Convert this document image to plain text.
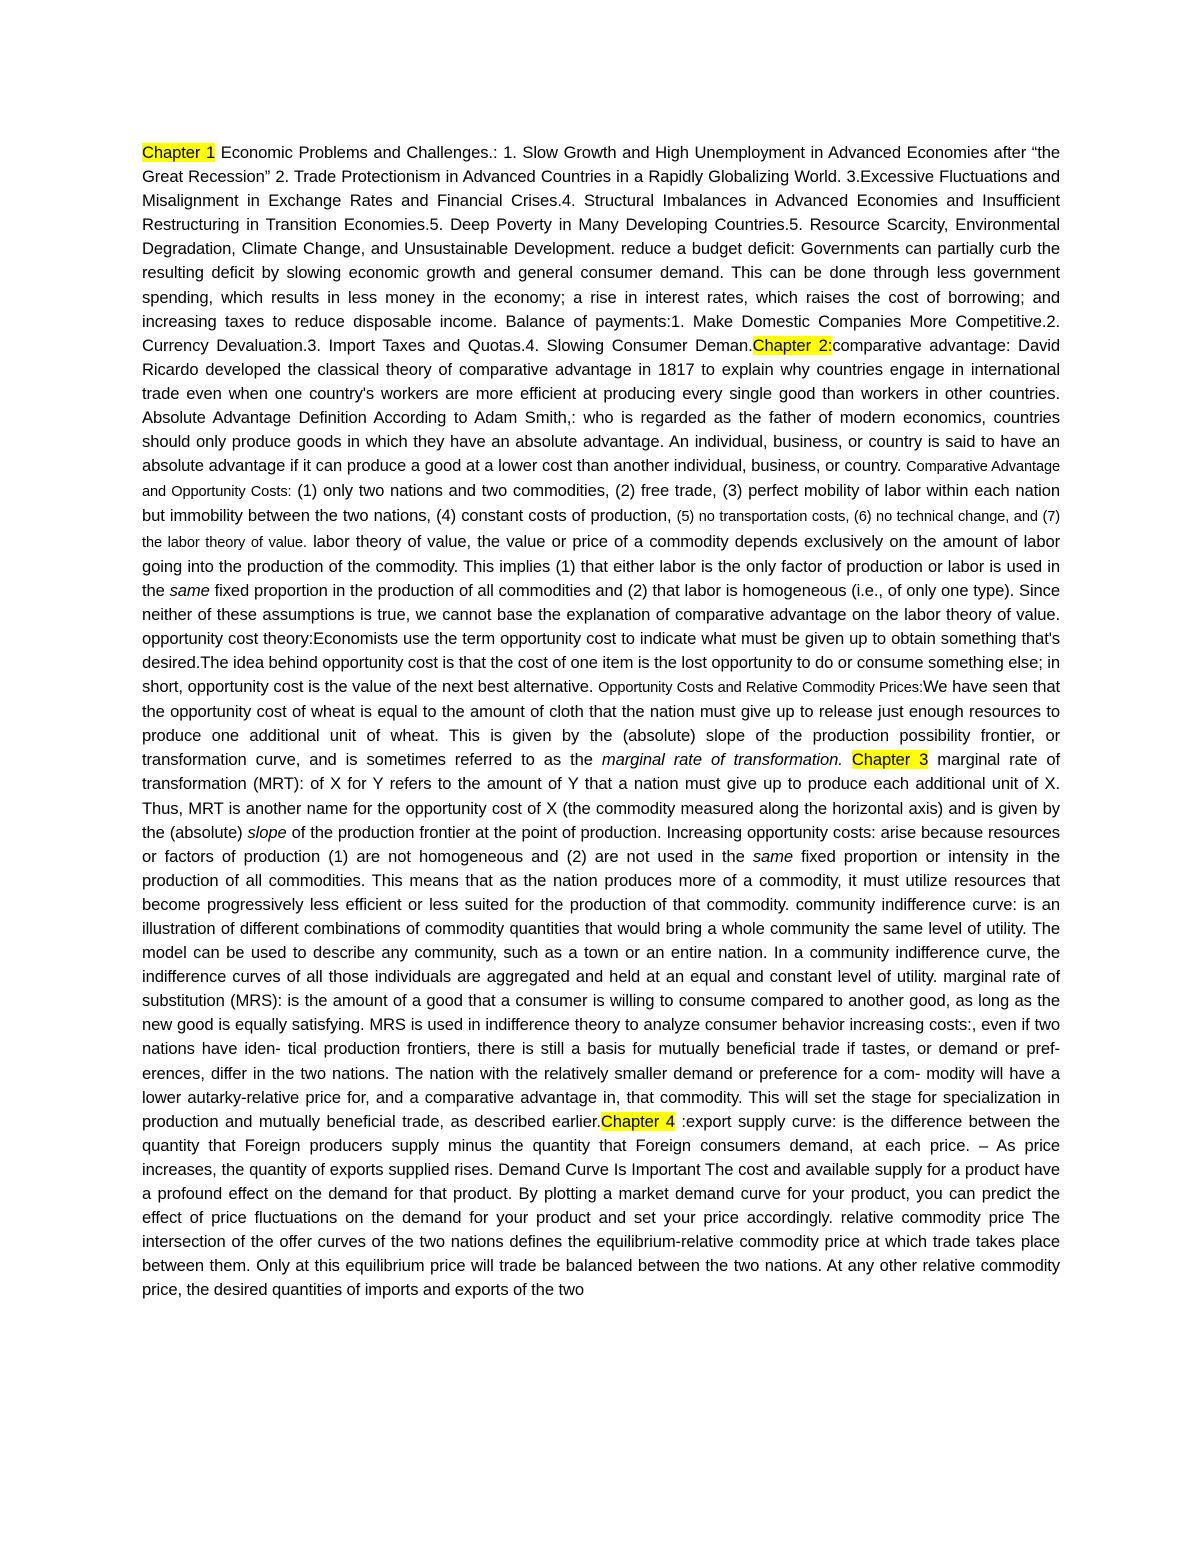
Chapter 1 Economic Problems and Challenges.: 1. Slow Growth and High Unemployment in Advanced Economies after “the Great Recession” 2. Trade Protectionism in Advanced Countries in a Rapidly Globalizing World. 3.Excessive Fluctuations and Misalignment in Exchange Rates and Financial Crises.4. Structural Imbalances in Advanced Economies and Insufficient Restructuring in Transition Economies.5. Deep Poverty in Many Developing Countries.5. Resource Scarcity, Environmental Degradation, Climate Change, and Unsustainable Development. reduce a budget deficit: Governments can partially curb the resulting deficit by slowing economic growth and general consumer demand. This can be done through less government spending, which results in less money in the economy; a rise in interest rates, which raises the cost of borrowing; and increasing taxes to reduce disposable income. Balance of payments:1. Make Domestic Companies More Competitive.2. Currency Devaluation.3. Import Taxes and Quotas.4. Slowing Consumer Deman.Chapter 2:comparative advantage: David Ricardo developed the classical theory of comparative advantage in 1817 to explain why countries engage in international trade even when one country's workers are more efficient at producing every single good than workers in other countries. Absolute Advantage Definition According to Adam Smith,: who is regarded as the father of modern economics, countries should only produce goods in which they have an absolute advantage. An individual, business, or country is said to have an absolute advantage if it can produce a good at a lower cost than another individual, business, or country. Comparative Advantage and Opportunity Costs: (1) only two nations and two commodities, (2) free trade, (3) perfect mobility of labor within each nation but immobility between the two nations, (4) constant costs of production, (5) no transportation costs, (6) no technical change, and (7) the labor theory of value. labor theory of value, the value or price of a commodity depends exclusively on the amount of labor going into the production of the commodity. This implies (1) that either labor is the only factor of production or labor is used in the same fixed proportion in the production of all commodities and (2) that labor is homogeneous (i.e., of only one type). Since neither of these assumptions is true, we cannot base the explanation of comparative advantage on the labor theory of value. opportunity cost theory:Economists use the term opportunity cost to indicate what must be given up to obtain something that's desired.The idea behind opportunity cost is that the cost of one item is the lost opportunity to do or consume something else; in short, opportunity cost is the value of the next best alternative. Opportunity Costs and Relative Commodity Prices:We have seen that the opportunity cost of wheat is equal to the amount of cloth that the nation must give up to release just enough resources to produce one additional unit of wheat. This is given by the (absolute) slope of the production possibility frontier, or transformation curve, and is sometimes referred to as the marginal rate of transformation. Chapter 3 marginal rate of transformation (MRT): of X for Y refers to the amount of Y that a nation must give up to produce each additional unit of X. Thus, MRT is another name for the opportunity cost of X (the commodity measured along the horizontal axis) and is given by the (absolute) slope of the production frontier at the point of production. Increasing opportunity costs: arise because resources or factors of production (1) are not homogeneous and (2) are not used in the same fixed proportion or intensity in the production of all commodities. This means that as the nation produces more of a commodity, it must utilize resources that become progressively less efficient or less suited for the production of that commodity. community indifference curve: is an illustration of different combinations of commodity quantities that would bring a whole community the same level of utility. The model can be used to describe any community, such as a town or an entire nation. In a community indifference curve, the indifference curves of all those individuals are aggregated and held at an equal and constant level of utility. marginal rate of substitution (MRS): is the amount of a good that a consumer is willing to consume compared to another good, as long as the new good is equally satisfying. MRS is used in indifference theory to analyze consumer behavior increasing costs:, even if two nations have iden- tical production frontiers, there is still a basis for mutually beneficial trade if tastes, or demand or pref- erences, differ in the two nations. The nation with the relatively smaller demand or preference for a com- modity will have a lower autarky-relative price for, and a comparative advantage in, that commodity. This will set the stage for specialization in production and mutually beneficial trade, as described earlier.Chapter 4 :export supply curve: is the difference between the quantity that Foreign producers supply minus the quantity that Foreign consumers demand, at each price. – As price increases, the quantity of exports supplied rises. Demand Curve Is Important The cost and available supply for a product have a profound effect on the demand for that product. By plotting a market demand curve for your product, you can predict the effect of price fluctuations on the demand for your product and set your price accordingly. relative commodity price The intersection of the offer curves of the two nations defines the equilibrium-relative commodity price at which trade takes place between them. Only at this equilibrium price will trade be balanced between the two nations. At any other relative commodity price, the desired quantities of imports and exports of the two
